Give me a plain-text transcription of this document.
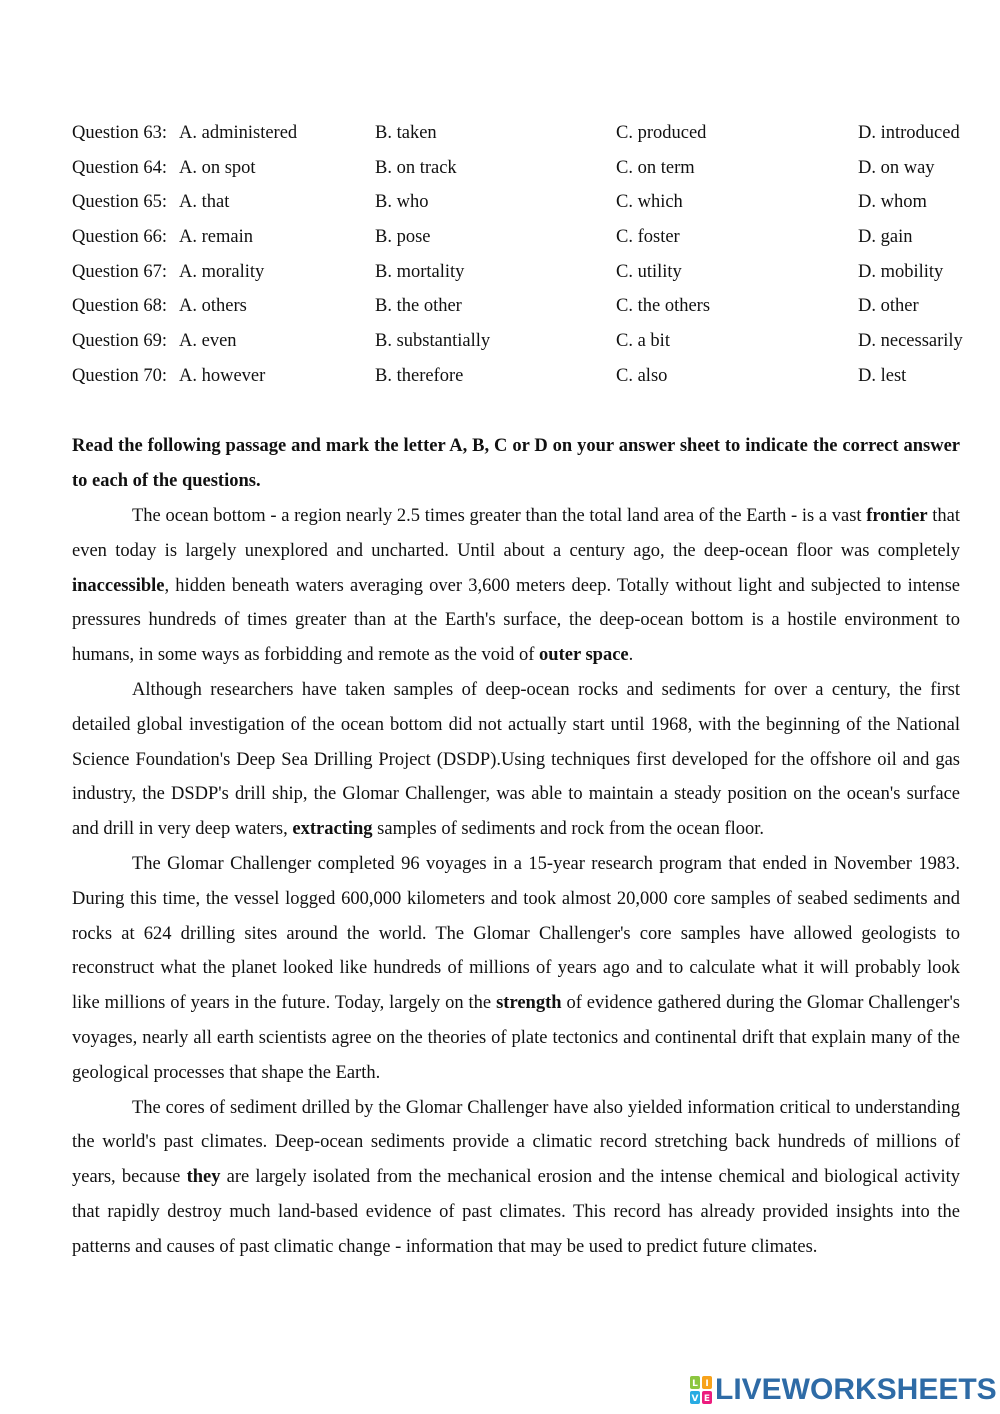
Question 63: A. administered	B. taken	C. produced	D. introduced
Question 64: A. on spot	B. on track	C. on term	D. on way
Question 65: A. that	B. who	C. which	D. whom
Question 66: A. remain	B. pose	C. foster	D. gain
Question 67: A. morality	B. mortality	C. utility	D. mobility
Question 68: A. others	B. the other	C. the others	D. other
Question 69: A. even	B. substantially	C. a bit	D. necessarily
Question 70: A. however	B. therefore	C. also	D. lest
Read the following passage and mark the letter A, B, C or D on your answer sheet to indicate the correct answer to each of the questions.

The ocean bottom - a region nearly 2.5 times greater than the total land area of the Earth - is a vast frontier that even today is largely unexplored and uncharted. Until about a century ago, the deep-ocean floor was completely inaccessible, hidden beneath waters averaging over 3,600 meters deep. Totally without light and subjected to intense pressures hundreds of times greater than at the Earth's surface, the deep-ocean bottom is a hostile environment to humans, in some ways as forbidding and remote as the void of outer space.

Although researchers have taken samples of deep-ocean rocks and sediments for over a century, the first detailed global investigation of the ocean bottom did not actually start until 1968, with the beginning of the National Science Foundation's Deep Sea Drilling Project (DSDP).Using techniques first developed for the offshore oil and gas industry, the DSDP's drill ship, the Glomar Challenger, was able to maintain a steady position on the ocean's surface and drill in very deep waters, extracting samples of sediments and rock from the ocean floor.

The Glomar Challenger completed 96 voyages in a 15-year research program that ended in November 1983. During this time, the vessel logged 600,000 kilometers and took almost 20,000 core samples of seabed sediments and rocks at 624 drilling sites around the world. The Glomar Challenger's core samples have allowed geologists to reconstruct what the planet looked like hundreds of millions of years ago and to calculate what it will probably look like millions of years in the future. Today, largely on the strength of evidence gathered during the Glomar Challenger's voyages, nearly all earth scientists agree on the theories of plate tectonics and continental drift that explain many of the geological processes that shape the Earth.

The cores of sediment drilled by the Glomar Challenger have also yielded information critical to understanding the world's past climates. Deep-ocean sediments provide a climatic record stretching back hundreds of millions of years, because they are largely isolated from the mechanical erosion and the intense chemical and biological activity that rapidly destroy much land-based evidence of past climates. This record has already provided insights into the patterns and causes of past climatic change - information that may be used to predict future climates.

L I
V E LIVEWORKSHEETS
